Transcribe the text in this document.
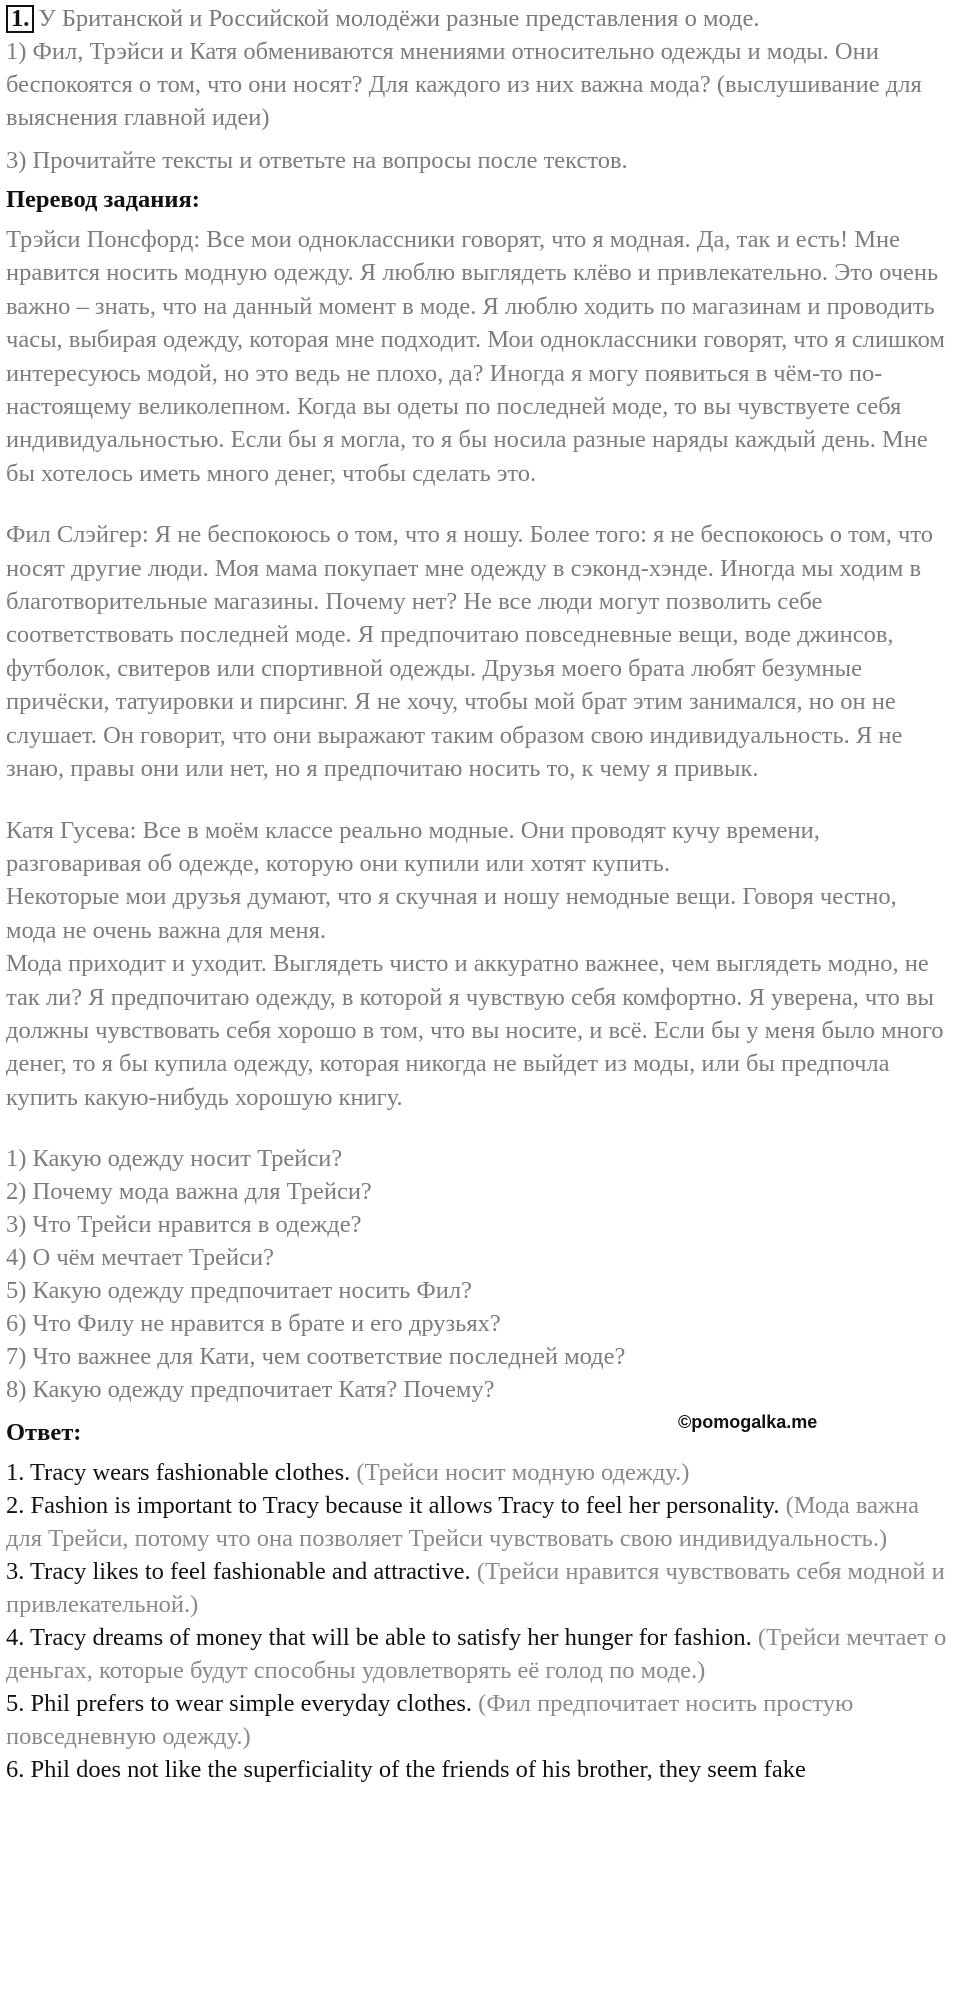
1. У Британской и Российской молодёжи разные представления о моде.
1) Фил, Трэйси и Катя обмениваются мнениями относительно одежды и моды. Они беспокоятся о том, что они носят? Для каждого из них важна мода? (выслушивание для выяснения главной идеи)
3) Прочитайте тексты и ответьте на вопросы после текстов.
Перевод задания:

Трэйси Понсфорд: Все мои одноклассники говорят, что я модная. Да, так и есть! Мне нравится носить модную одежду. Я люблю выглядеть клёво и привлекательно. Это очень важно – знать, что на данный момент в моде. Я люблю ходить по магазинам и проводить часы, выбирая одежду, которая мне подходит. Мои одноклассники говорят, что я слишком интересуюсь модой, но это ведь не плохо, да? Иногда я могу появиться в чём-то по-настоящему великолепном. Когда вы одеты по последней моде, то вы чувствуете себя индивидуальностью. Если бы я могла, то я бы носила разные наряды каждый день. Мне бы хотелось иметь много денег, чтобы сделать это.

Фил Слэйгер: Я не беспокоюсь о том, что я ношу. Более того: я не беспокоюсь о том, что носят другие люди. Моя мама покупает мне одежду в сэконд-хэнде. Иногда мы ходим в благотворительные магазины. Почему нет? Не все люди могут позволить себе соответствовать последней моде. Я предпочитаю повседневные вещи, воде джинсов, футболок, свитеров или спортивной одежды. Друзья моего брата любят безумные причёски, татуировки и пирсинг. Я не хочу, чтобы мой брат этим занимался, но он не слушает. Он говорит, что они выражают таким образом свою индивидуальность. Я не знаю, правы они или нет, но я предпочитаю носить то, к чему я привык.

Катя Гусева: Все в моём классе реально модные. Они проводят кучу времени, разговаривая об одежде, которую они купили или хотят купить.
Некоторые мои друзья думают, что я скучная и ношу немодные вещи. Говоря честно, мода не очень важна для меня.
Мода приходит и уходит. Выглядеть чисто и аккуратно важнее, чем выглядеть модно, не так ли? Я предпочитаю одежду, в которой я чувствую себя комфортно. Я уверена, что вы должны чувствовать себя хорошо в том, что вы носите, и всё. Если бы у меня было много денег, то я бы купила одежду, которая никогда не выйдет из моды, или бы предпочла купить какую-нибудь хорошую книгу.

1) Какую одежду носит Трейси?
2) Почему мода важна для Трейси?
3) Что Трейси нравится в одежде?
4) О чём мечтает Трейси?
5) Какую одежду предпочитает носить Фил?
6) Что Филу не нравится в брате и его друзьях?
7) Что важнее для Кати, чем соответствие последней моде?
8) Какую одежду предпочитает Катя? Почему?
Ответ:
1. Tracy wears fashionable clothes. (Трейси носит модную одежду.)
2. Fashion is important to Tracy because it allows Tracy to feel her personality. (Мода важна для Трейси, потому что она позволяет Трейси чувствовать свою индивидуальность.)
3. Tracy likes to feel fashionable and attractive. (Трейси нравится чувствовать себя модной и привлекательной.)
4. Tracy dreams of money that will be able to satisfy her hunger for fashion. (Трейси мечтает о деньгах, которые будут способны удовлетворять её голод по моде.)
5. Phil prefers to wear simple everyday clothes. (Фил предпочитает носить простую повседневную одежду.)
6. Phil does not like the superficiality of the friends of his brother, they seem fake
©pomogalka.me
